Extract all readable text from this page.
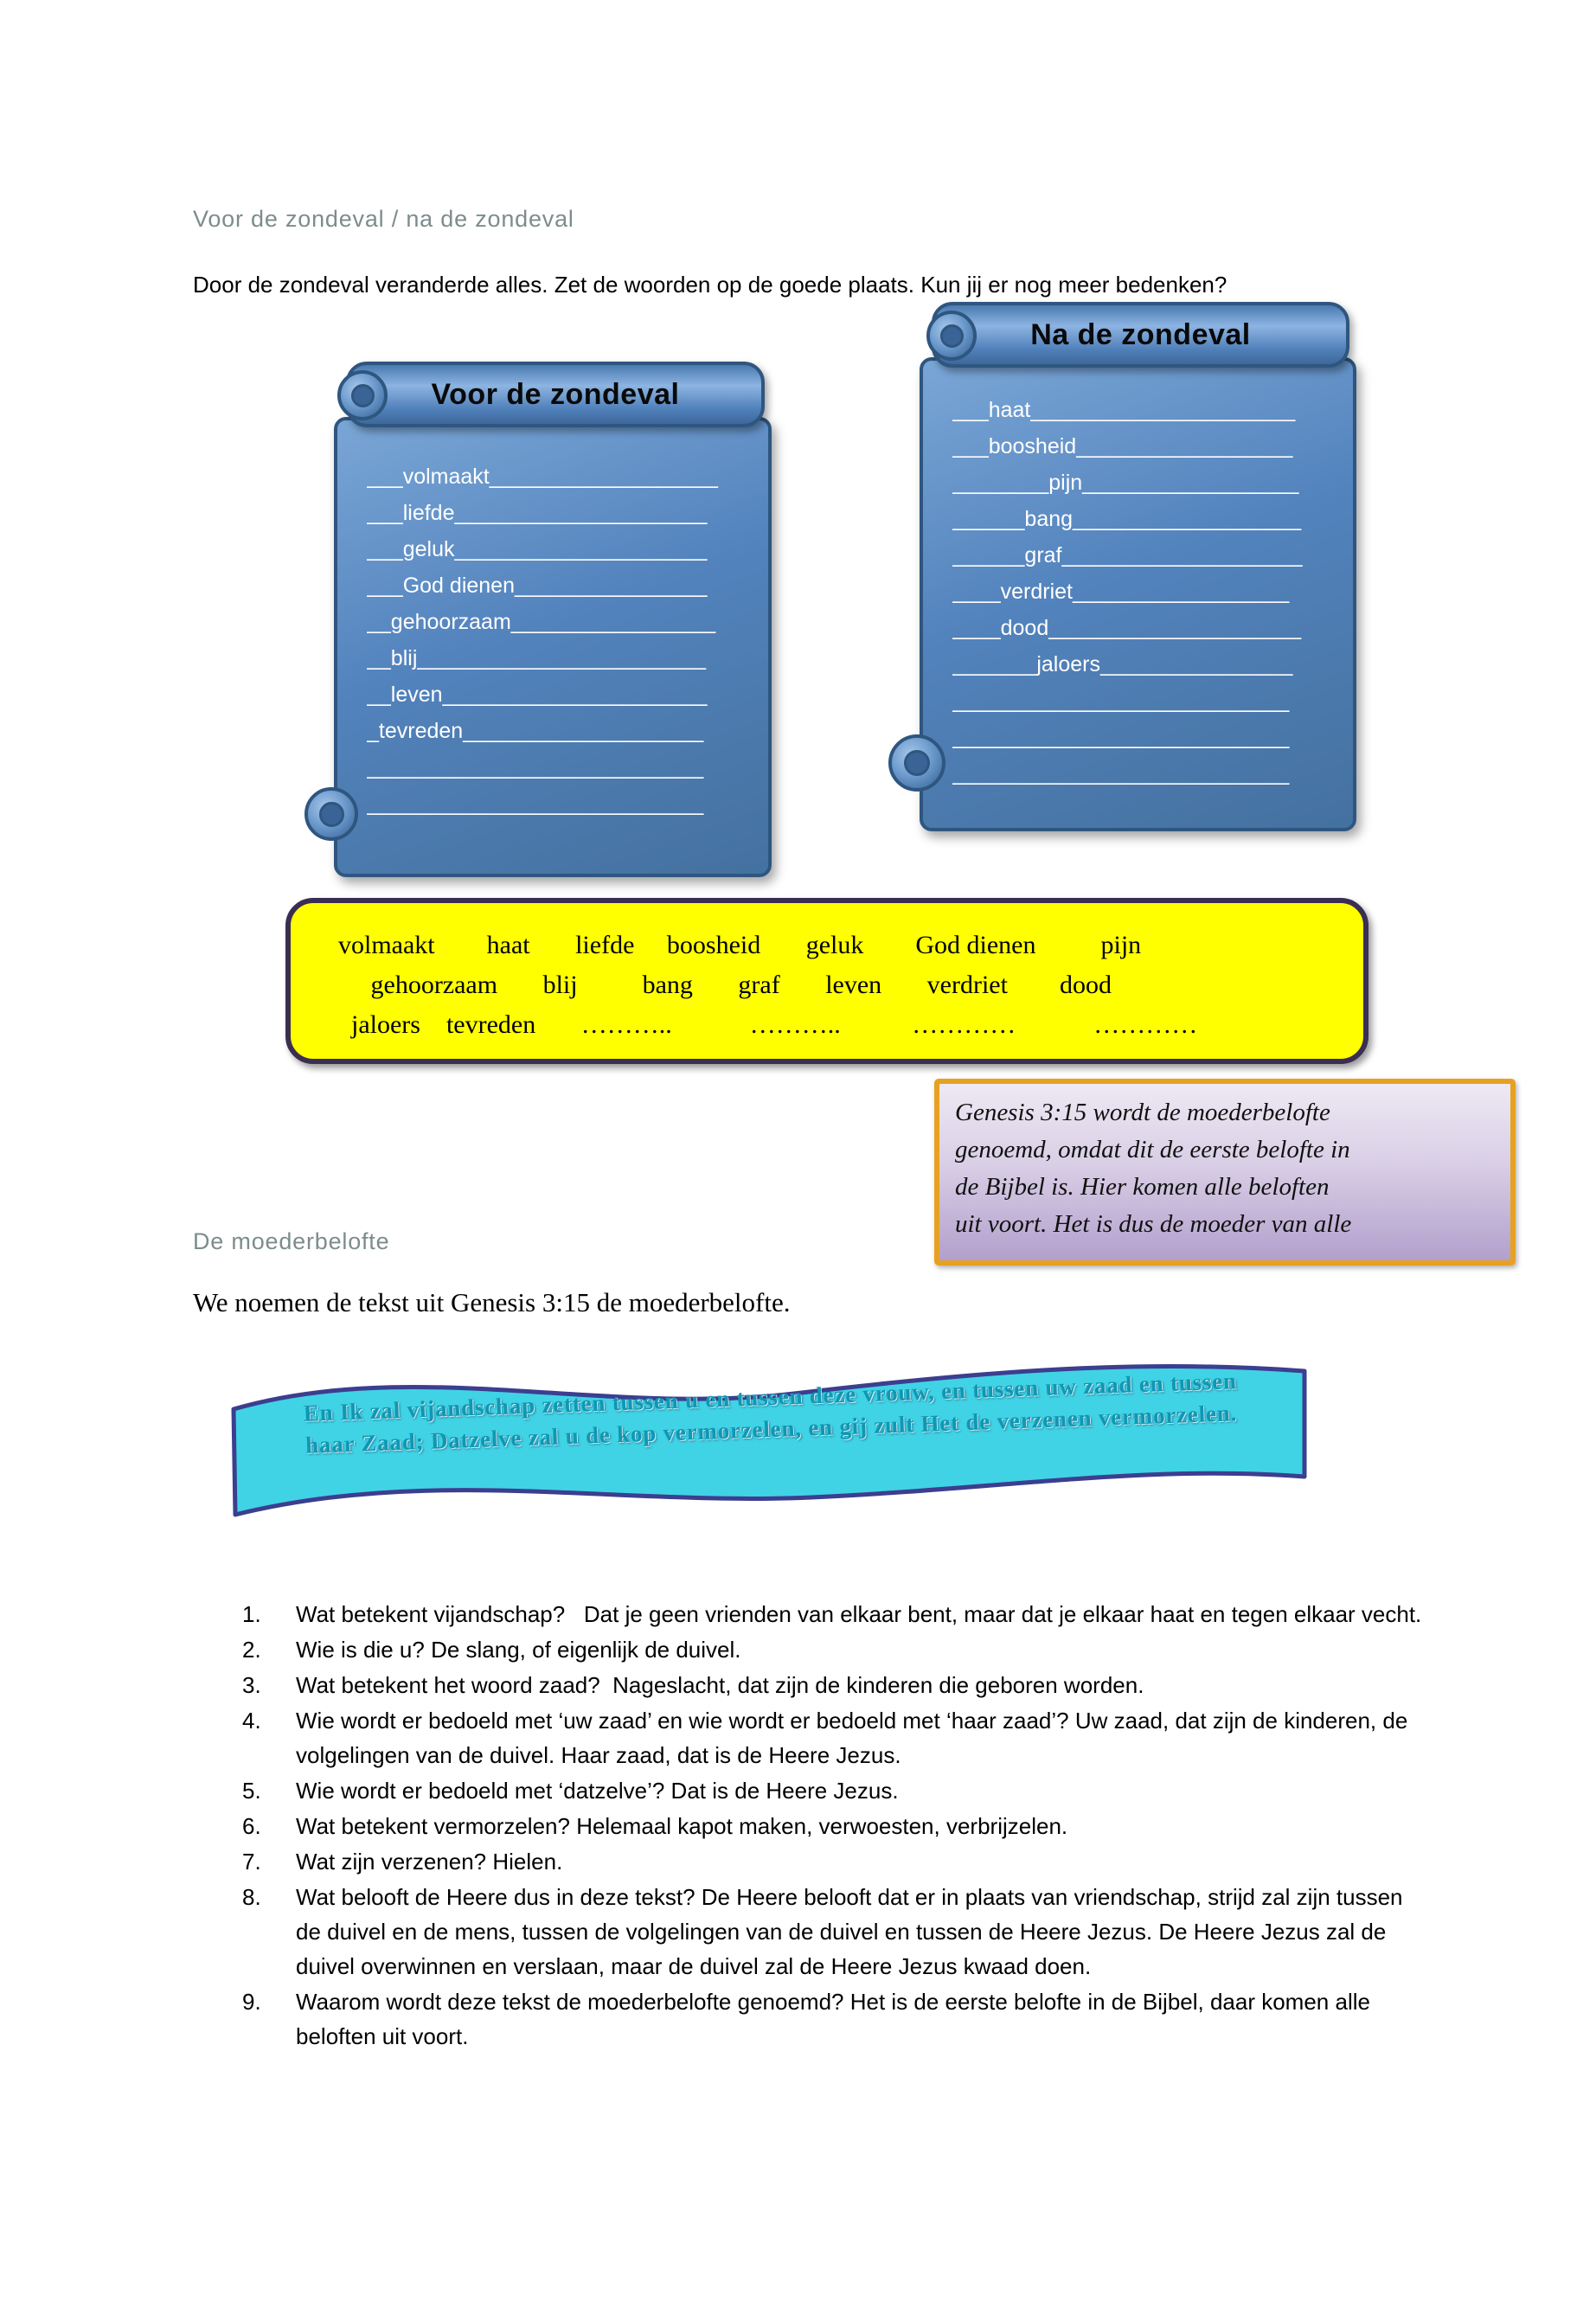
Voor de zondeval / na de zondeval

Door de zondeval veranderde alles. Zet de woorden op de goede plaats. Kun jij er nog meer bedenken?

Na de zondeval
___haat______________________
___boosheid__________________
________pijn__________________
______bang___________________
______graf____________________
____verdriet__________________
____dood_____________________
_______jaloers________________
____________________________
____________________________
____________________________
Voor de zondeval
___volmaakt___________________
___liefde_____________________
___geluk_____________________
___God dienen________________
__gehoorzaam_________________
__blij________________________
__leven______________________
_tevreden____________________
____________________________
____________________________
volmaakt        haat       liefde     boosheid       geluk        God dienen          pijn
gehoorzaam       blij          bang       graf       leven       verdriet        dood
jaloers    tevreden       ………..            ………..           …………            …………
Genesis 3:15 wordt de moederbelofte
genoemd, omdat dit de eerste belofte in
de Bijbel is. Hier komen alle beloften
uit voort. Het is dus de moeder van alle
De moederbelofte

We noemen de tekst uit Genesis 3:15 de moederbelofte.

En Ik zal vijandschap zetten tussen u en tussen deze vrouw, en tussen uw zaad en tussen haar Zaad; Datzelve zal u de kop vermorzelen, en gij zult Het de verzenen vermorzelen.
1.	Wat betekent vijandschap?   Dat je geen vrienden van elkaar bent, maar dat je elkaar haat en tegen elkaar vecht.
2.	Wie is die u? De slang, of eigenlijk de duivel.
3.	Wat betekent het woord zaad?  Nageslacht, dat zijn de kinderen die geboren worden.
4.	Wie wordt er bedoeld met ‘uw zaad’ en wie wordt er bedoeld met ‘haar zaad’? Uw zaad, dat zijn de kinderen, de volgelingen van de duivel. Haar zaad, dat is de Heere Jezus.
5.	Wie wordt er bedoeld met ‘datzelve’? Dat is de Heere Jezus.
6.	Wat betekent vermorzelen? Helemaal kapot maken, verwoesten, verbrijzelen.
7.	Wat zijn verzenen? Hielen.
8.	Wat belooft de Heere dus in deze tekst? De Heere belooft dat er in plaats van vriendschap, strijd zal zijn tussen de duivel en de mens, tussen de volgelingen van de duivel en tussen de Heere Jezus. De Heere Jezus zal de duivel overwinnen en verslaan, maar de duivel zal de Heere Jezus kwaad doen.
9.	Waarom wordt deze tekst de moederbelofte genoemd? Het is de eerste belofte in de Bijbel, daar komen alle beloften uit voort.
